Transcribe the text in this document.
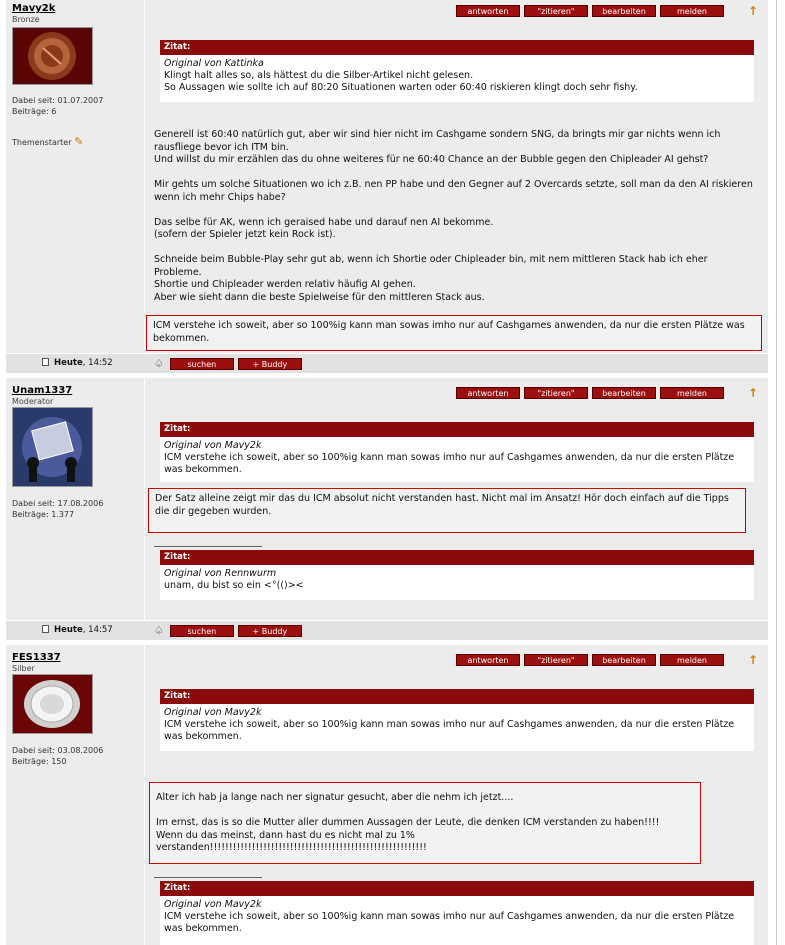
Mavy2k
Bronze
Dabei seit: 01.07.2007
Beiträge: 6
Themenstarter ✎
antworten	"zitieren"	bearbeiten	melden	↑
Zitat:
Original von Kattinka
Klingt halt alles so, als hättest du die Silber-Artikel nicht gelesen.
So Aussagen wie sollte ich auf 80:20 Situationen warten oder 60:40 riskieren klingt doch sehr fishy.
Generell ist 60:40 natürlich gut, aber wir sind hier nicht im Cashgame sondern SNG, da bringts mir gar nichts wenn ich rausfliege bevor ich ITM bin.
Und willst du mir erzählen das du ohne weiteres für ne 60:40 Chance an der Bubble gegen den Chipleader AI gehst?

Mir gehts um solche Situationen wo ich z.B. nen PP habe und den Gegner auf 2 Overcards setzte, soll man da den AI riskieren wenn ich mehr Chips habe?

Das selbe für AK, wenn ich geraised habe und darauf nen AI bekomme.
(sofern der Spieler jetzt kein Rock ist).

Schneide beim Bubble-Play sehr gut ab, wenn ich Shortie oder Chipleader bin, mit nem mittleren Stack hab ich eher Probleme.
Shortie und Chipleader werden relativ häufig AI gehen.
Aber wie sieht dann die beste Spielweise für den mittleren Stack aus.
ICM verstehe ich soweit, aber so 100%ig kann man sowas imho nur auf Cashgames anwenden, da nur die ersten Plätze was bekommen.
Heute, 14:52	♤	suchen	+ Buddy
Unam1337
Moderator
Dabei seit: 17.08.2006
Beiträge: 1.377
antworten	"zitieren"	bearbeiten	melden	↑
Zitat:
Original von Mavy2k
ICM verstehe ich soweit, aber so 100%ig kann man sowas imho nur auf Cashgames anwenden, da nur die ersten Plätze was bekommen.
Der Satz alleine zeigt mir das du ICM absolut nicht verstanden hast. Nicht mal im Ansatz! Hör doch einfach auf die Tipps die dir gegeben wurden.
Zitat:
Original von Rennwurm
unam, du bist so ein <°(()><
Heute, 14:57	♤	suchen	+ Buddy
FES1337
Silber
Dabei seit: 03.08.2006
Beiträge: 150
antworten	"zitieren"	bearbeiten	melden	↑
Zitat:
Original von Mavy2k
ICM verstehe ich soweit, aber so 100%ig kann man sowas imho nur auf Cashgames anwenden, da nur die ersten Plätze was bekommen.
Alter ich hab ja lange nach ner signatur gesucht, aber die nehm ich jetzt....

Im ernst, das is so die Mutter aller dummen Aussagen der Leute, die denken ICM verstanden zu haben!!!!
Wenn du das meinst, dann hast du es nicht mal zu 1%
verstanden!!!!!!!!!!!!!!!!!!!!!!!!!!!!!!!!!!!!!!!!!!!!!!!!!!!!!!!!!
Zitat:
Original von Mavy2k
ICM verstehe ich soweit, aber so 100%ig kann man sowas imho nur auf Cashgames anwenden, da nur die ersten Plätze was bekommen.
